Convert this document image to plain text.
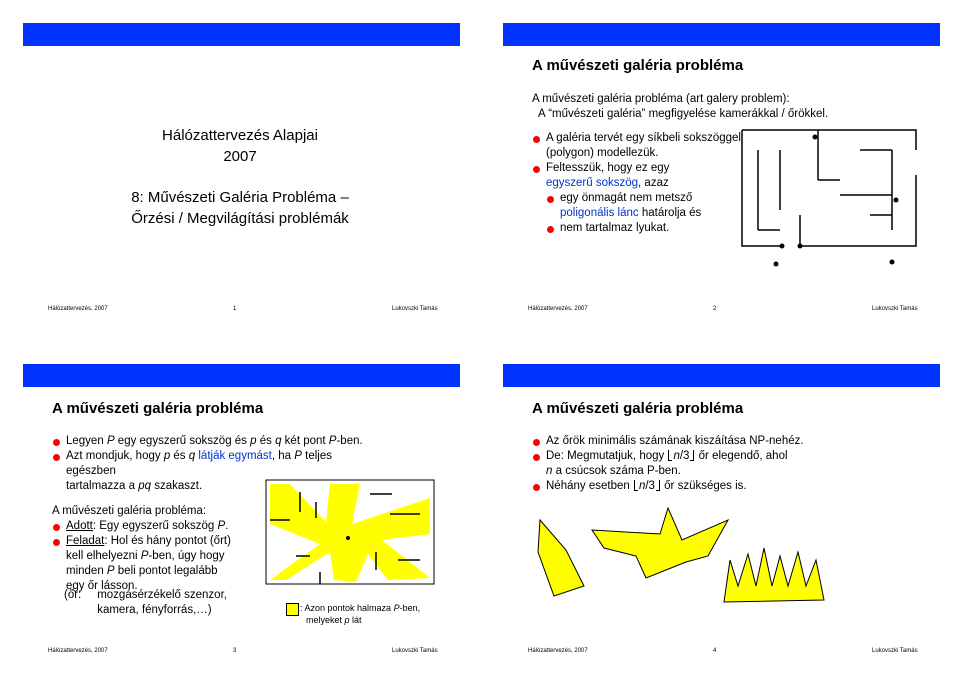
Hálózattervezés Alapjai
2007
8: Művészeti Galéria Probléma –
Őrzési / Megvilágítási problémák
Hálózattervezés, 2007	1	Lukovszki Tamás
A művészeti galéria probléma
A művészeti galéria probléma (art galery problem):
A “művészeti galéria” megfigyelése kamerákkal / őrökkel.
A galéria tervét egy síkbeli sokszöggel
(polygon) modellezük.
Feltesszük, hogy ez egy
egyszerű sokszög, azaz
egy önmagát nem metsző
poligonális lánc határolja és
nem tartalmaz lyukat.
Hálózattervezés, 2007	2	Lukovszki Tamás
A művészeti galéria probléma
Legyen P egy egyszerű sokszög és p és q két pont P-ben.
Azt mondjuk, hogy p és q látják egymást, ha P teljes egészben
tartalmazza a pq szakaszt.
A művészeti galéria probléma:
Adott: Egy egyszerű sokszög P.
Feladat: Hol és hány pontot (őrt)
kell elhelyezni P-ben, úgy hogy
minden P beli pontot legalább
egy őr lásson.
(őr: mozgásérzékelő szenzor,
kamera, fényforrás,…)	: Azon pontok halmaza P-ben,
melyeket p lát
Hálózattervezés, 2007	3	Lukovszki Tamás
A művészeti galéria probléma
Az őrök minimális számának kiszáítása NP-nehéz.
De: Megmutatjuk, hogy n/3 őr elegendő, ahol
n a csúcsok száma P-ben.
Néhány esetben n/3 őr szükséges is.
Hálózattervezés, 2007	4	Lukovszki Tamás
